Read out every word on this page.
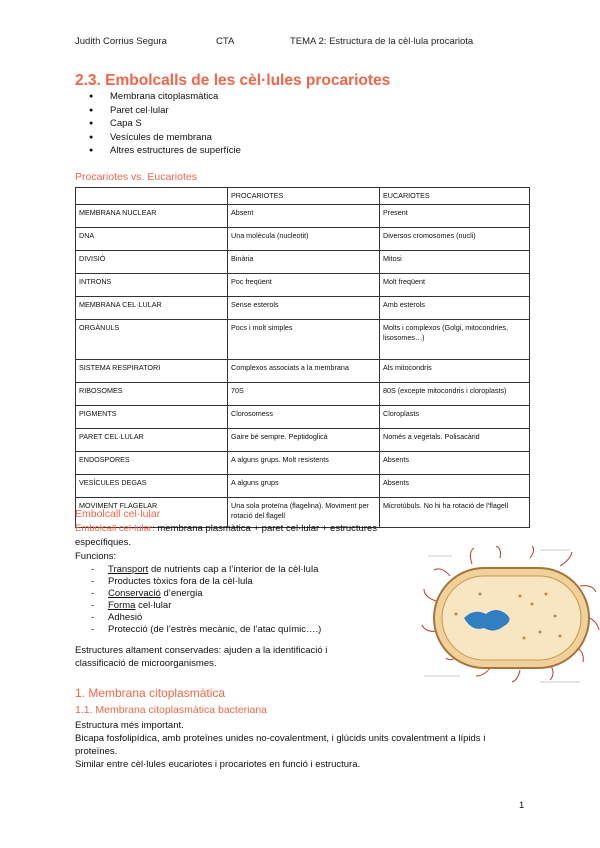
Judith Corrius Segura	CTA	TEMA 2: Estructura de la cèl·lula procariota
2.3. Embolcalls de les cèl·lules procariotes
● Membrana citoplasmàtica
● Paret cel·lular
● Capa S
● Vesícules de membrana
● Altres estructures de superfície
Procariotes vs. Eucariotes
	PROCARIOTES	EUCARIOTES
MEMBRANA NUCLEAR	Absent	Present
DNA	Una molècula (nucleotit)	Diversos cromosomes (nucli)
DIVISIÓ	Binària	Mitosi
INTRONS	Poc freqüent	Molt freqüent
MEMBRANA CEL·LULAR	Sense esterols	Amb esterols
ORGÀNULS	Pocs i molt simples	Molts i complexos (Golgi, mitocondries, lisosomes…)
SISTEMA RESPIRATORI	Complexos associats a la membrana	Als mitocondris
RIBOSOMES	70S	80S (excepte mitocondris i cloroplasts)
PIGMENTS	Clorosomess	Cloroplasts
PARET CEL·LULAR	Gaire bé sempre. Peptidoglicà	Només a vegetals. Polisacàrid
ENDOSPORES	A alguns grups. Molt resistents	Absents
VESÍCULES DEGAS	A alguns grups	Absents
MOVIMENT FLAGELAR	Una sola proteïna (flagelina). Moviment per rotació del flagell	Microtúbuls. No hi ha rotació de l’flagell
Embolcall cel·lular
Embolcall cel·lular: membrana plasmàtica + paret cel·lular + estructures
específiques.
Funcions:
- Transport de nutrients cap a l’interior de la cèl·lula
- Productes tòxics fora de la cèl·lula
- Conservació d’energia
- Forma cel·lular
- Adhesió
- Protecció (de l’estrès mecànic, de l’atac químic….)
Estructures altament conservades: ajuden a la identificació i
classificació de microorganismes.
1. Membrana citoplasmàtica
1.1. Membrana citoplasmàtica bacteriana
Estructura més important.
Bicapa fosfolipídica, amb proteïnes unides no-covalentment, i glúcids units covalentment a lípids i
proteïnes.
Similar entre cèl·lules eucariotes i procariotes en funció i estructura.
1
